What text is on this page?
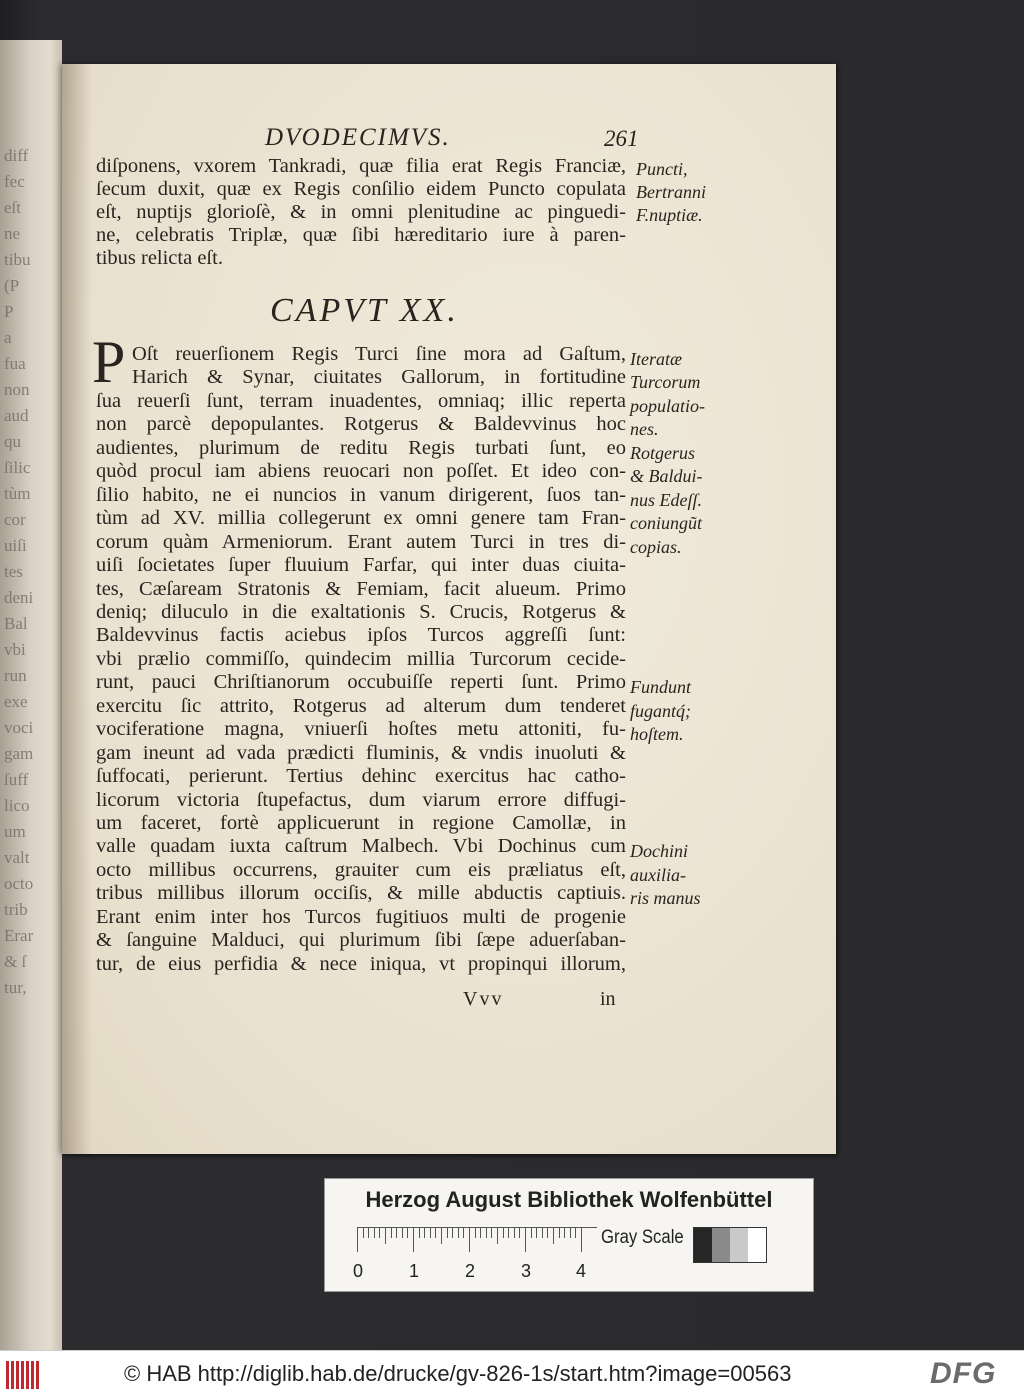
diff
fec
eſt
ne
tibu
(P
P
a
fua
non
aud
qu
ſilic
tùm
cor
uiſi
tes
deni
Bal
vbi
run
exe
voci
gam
ſuff
lico
um
valt
octo
trib
Erar
& ſ
tur,
DVODECIMVS.	261
CAPVT XX.
P
Vvv	in
Herzog August Bibliothek Wolfenbüttel
0	1	2	3 4
Gray Scale
© HAB http://diglib.hab.de/drucke/gv-826-1s/start.htm?image=00563	DFG
diſponens, vxorem Tankradi, quæ filia erat Regis Franciæ,
ſecum duxit, quæ ex Regis conſilio eidem Puncto copulata
eſt, nuptijs glorioſè, & in omni plenitudine ac pinguedi-
ne, celebratis Triplæ, quæ ſibi hæreditario iure à paren-
tibus relicta eſt.
Puncti,
Bertranni
F.nuptiæ.
Oſt reuerſionem Regis Turci ſine mora ad Gaſtum,
Harich & Synar, ciuitates Gallorum, in fortitudine
ſua reuerſi ſunt, terram inuadentes, omniaq; illic reperta
non parcè depopulantes. Rotgerus & Baldevvinus hoc
audientes, plurimum de reditu Regis turbati ſunt, eo
quòd procul iam abiens reuocari non poſſet. Et ideo con-
ſilio habito, ne ei nuncios in vanum dirigerent, ſuos tan-
tùm ad XV. millia collegerunt ex omni genere tam Fran-
corum quàm Armeniorum. Erant autem Turci in tres di-
uiſi ſocietates ſuper fluuium Farfar, qui inter duas ciuita-
tes, Cæſaream Stratonis & Femiam, facit alueum. Primo
deniq; diluculo in die exaltationis S. Crucis, Rotgerus &
Baldevvinus factis aciebus ipſos Turcos aggreſſi ſunt:
vbi prælio commiſſo, quindecim millia Turcorum cecide-
runt, pauci Chriſtianorum occubuiſſe reperti ſunt. Primo
exercitu ſic attrito, Rotgerus ad alterum dum tenderet
vociferatione magna, vniuerſi hoſtes metu attoniti, fu-
gam ineunt ad vada prædicti fluminis, & vndis inuoluti &
ſuffocati, perierunt. Tertius dehinc exercitus hac catho-
licorum victoria ſtupefactus, dum viarum errore diffugi-
um faceret, fortè applicuerunt in regione Camollæ, in
valle quadam iuxta caſtrum Malbech. Vbi Dochinus cum
octo millibus occurrens, grauiter cum eis præliatus eſt,
tribus millibus illorum occiſis, & mille abductis captiuis.
Erant enim inter hos Turcos fugitiuos multi de progenie
& ſanguine Malduci, qui plurimum ſibi ſæpe aduerſaban-
tur, de eius perfidia & nece iniqua, vt propinqui illorum,
Iteratæ
Turcorum
populatio-
nes.
Rotgerus
& Baldui-
nus Edeſſ.
coniungũt
copias.
Fundunt
fugantq́;
hoſtem.
Dochini
auxilia-
ris manus
